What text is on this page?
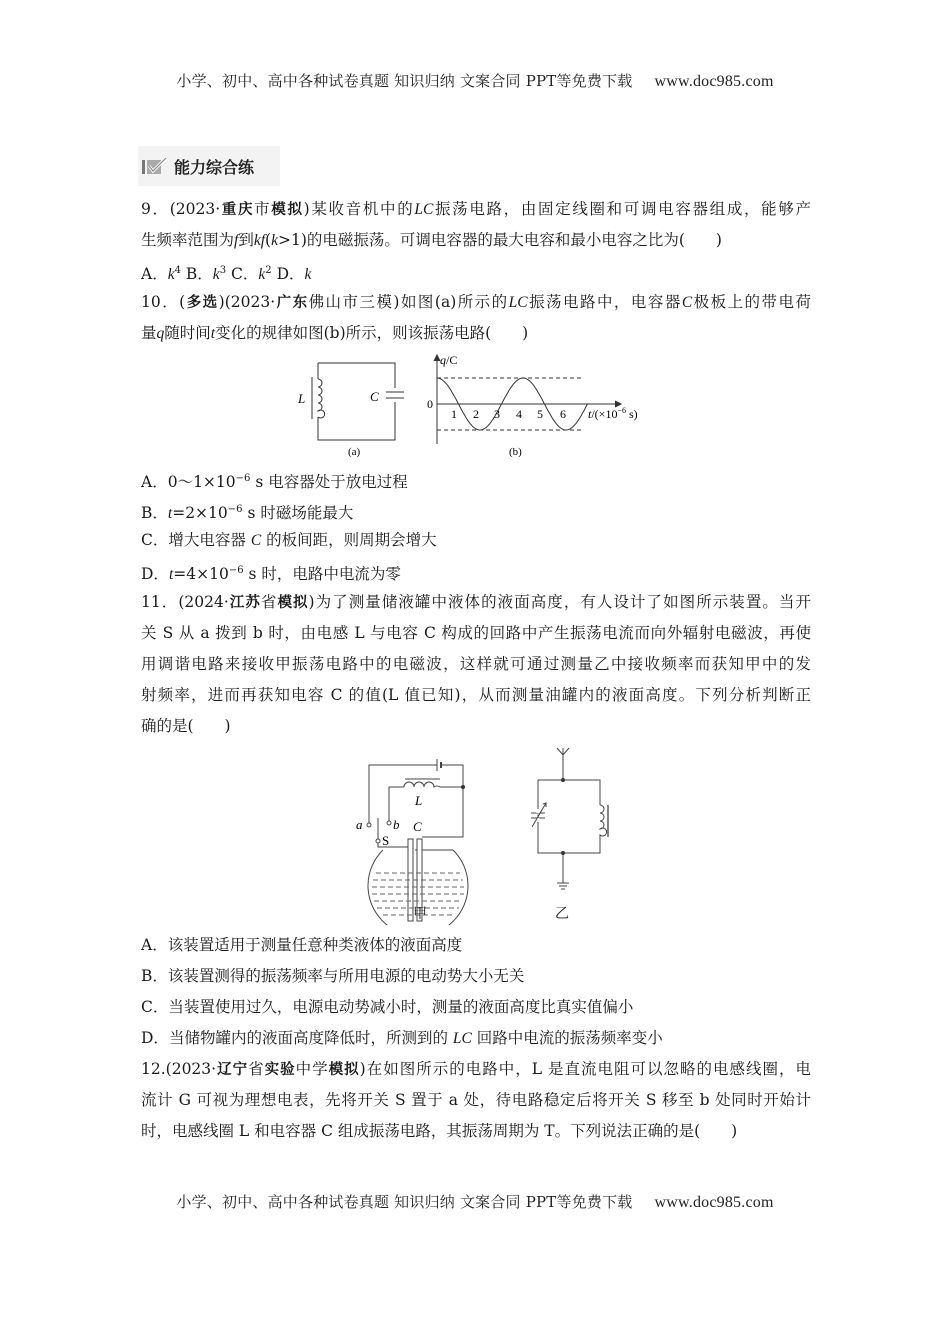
小学、初中、高中各种试卷真题 知识归纳 文案合同 PPT等免费下载 www.doc985.com
能力综合练
9．(2023·重庆市模拟)某收音机中的LC振荡电路，由固定线圈和可调电容器组成，能够产
生频率范围为f到kf(k>1)的电磁振荡。可调电容器的最大电容和最小电容之比为(　　)
A．$k^4$ B．$k^3$ C．$k^2$ D．k
10．(多选)(2023·广东佛山市三模)如图(a)所示的LC振荡电路中，电容器C极板上的带电荷
量q随时间t变化的规律如图(b)所示，则该振荡电路(　　)
L	C
(a)
0
q/C
1 2 3 4 5 6 $t/(\times 10^{-6}$ s)
(b)
A．$0\sim 1\times 10^{-6}$ s 电容器处于放电过程
B．$t=2\times 10^{-6}$ s 时磁场能最大
C．增大电容器 C 的板间距，则周期会增大
D．$t=4\times 10^{-6}$ s 时，电路中电流为零
11．(2024·江苏省模拟)为了测量储液罐中液体的液面高度，有人设计了如图所示装置。当开
关 S 从 a 拨到 b 时，由电感 L 与电容 C 构成的回路中产生振荡电流而向外辐射电磁波，再使
用调谐电路来接收甲振荡电路中的电磁波，这样就可通过测量乙中接收频率而获知甲中的发
射频率，进而再获知电容 C 的值(L 值已知)，从而测量油罐内的液面高度。下列分析判断正
确的是(　　)
a b
S
L
C
甲	乙
A．该装置适用于测量任意种类液体的液面高度
B．该装置测得的振荡频率与所用电源的电动势大小无关
C．当装置使用过久，电源电动势减小时，测量的液面高度比真实值偏小
D．当储物罐内的液面高度降低时，所测到的 LC 回路中电流的振荡频率变小
12.(2023·辽宁省实验中学模拟)在如图所示的电路中，L 是直流电阻可以忽略的电感线圈，电
流计 G 可视为理想电表，先将开关 S 置于 a 处，待电路稳定后将开关 S 移至 b 处同时开始计
时，电感线圈 L 和电容器 C 组成振荡电路，其振荡周期为 T。下列说法正确的是(　　)
小学、初中、高中各种试卷真题 知识归纳 文案合同 PPT等免费下载 www.doc985.com
